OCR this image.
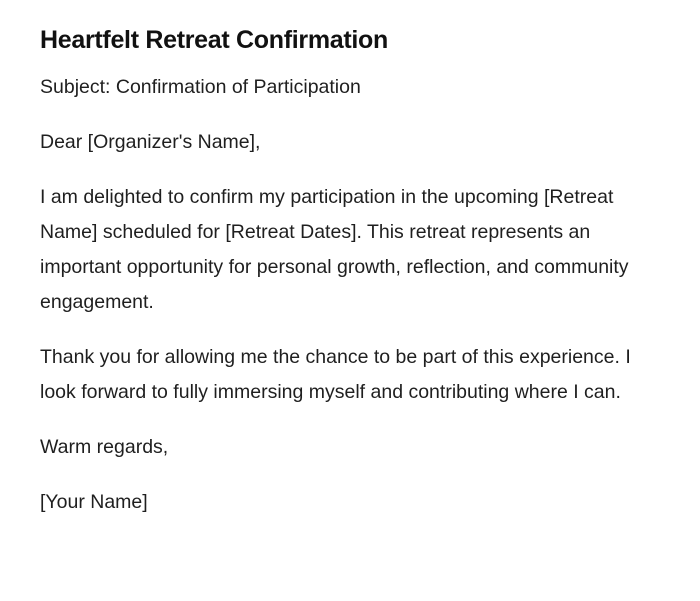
Heartfelt Retreat Confirmation

Subject: Confirmation of Participation

Dear [Organizer's Name],

I am delighted to confirm my participation in the upcoming [Retreat Name] scheduled for [Retreat Dates]. This retreat represents an important opportunity for personal growth, reflection, and community engagement.

Thank you for allowing me the chance to be part of this experience. I look forward to fully immersing myself and contributing where I can.

Warm regards,

[Your Name]
